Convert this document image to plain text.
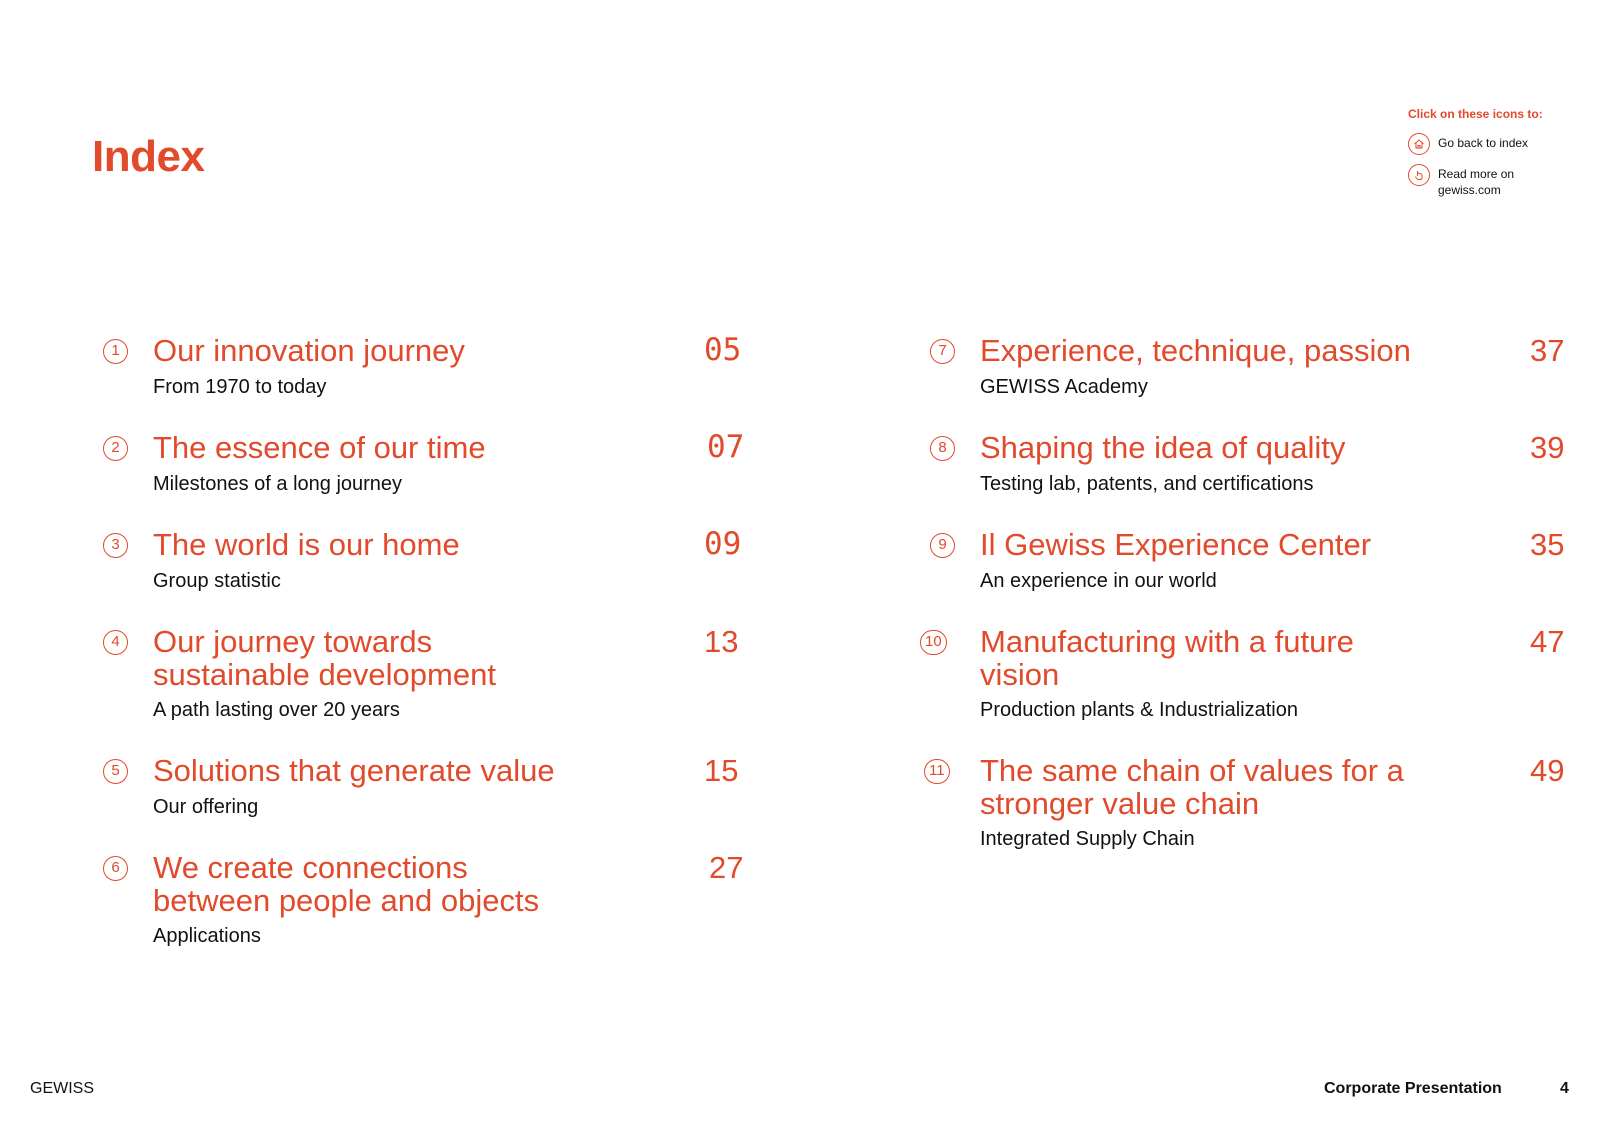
Index
Click on these icons to:
Go back to index
Read more on gewiss.com
1 Our innovation journey
From 1970 to today
05
2 The essence of our time
Milestones of a long journey
07
3 The world is our home
Group statistic
09
4 Our journey towards sustainable development
A path lasting over 20 years
13
5 Solutions that generate value
Our offering
15
6 We create connections between people and objects
Applications
27
7 Experience, technique, passion
GEWISS Academy
37
8 Shaping the idea of quality
Testing lab, patents, and certifications
39
9 Il Gewiss Experience Center
An experience in our world
35
10 Manufacturing with a future vision
Production plants & Industrialization
47
11 The same chain of values for a stronger value chain
Integrated Supply Chain
49
GEWISS	Corporate Presentation	4
